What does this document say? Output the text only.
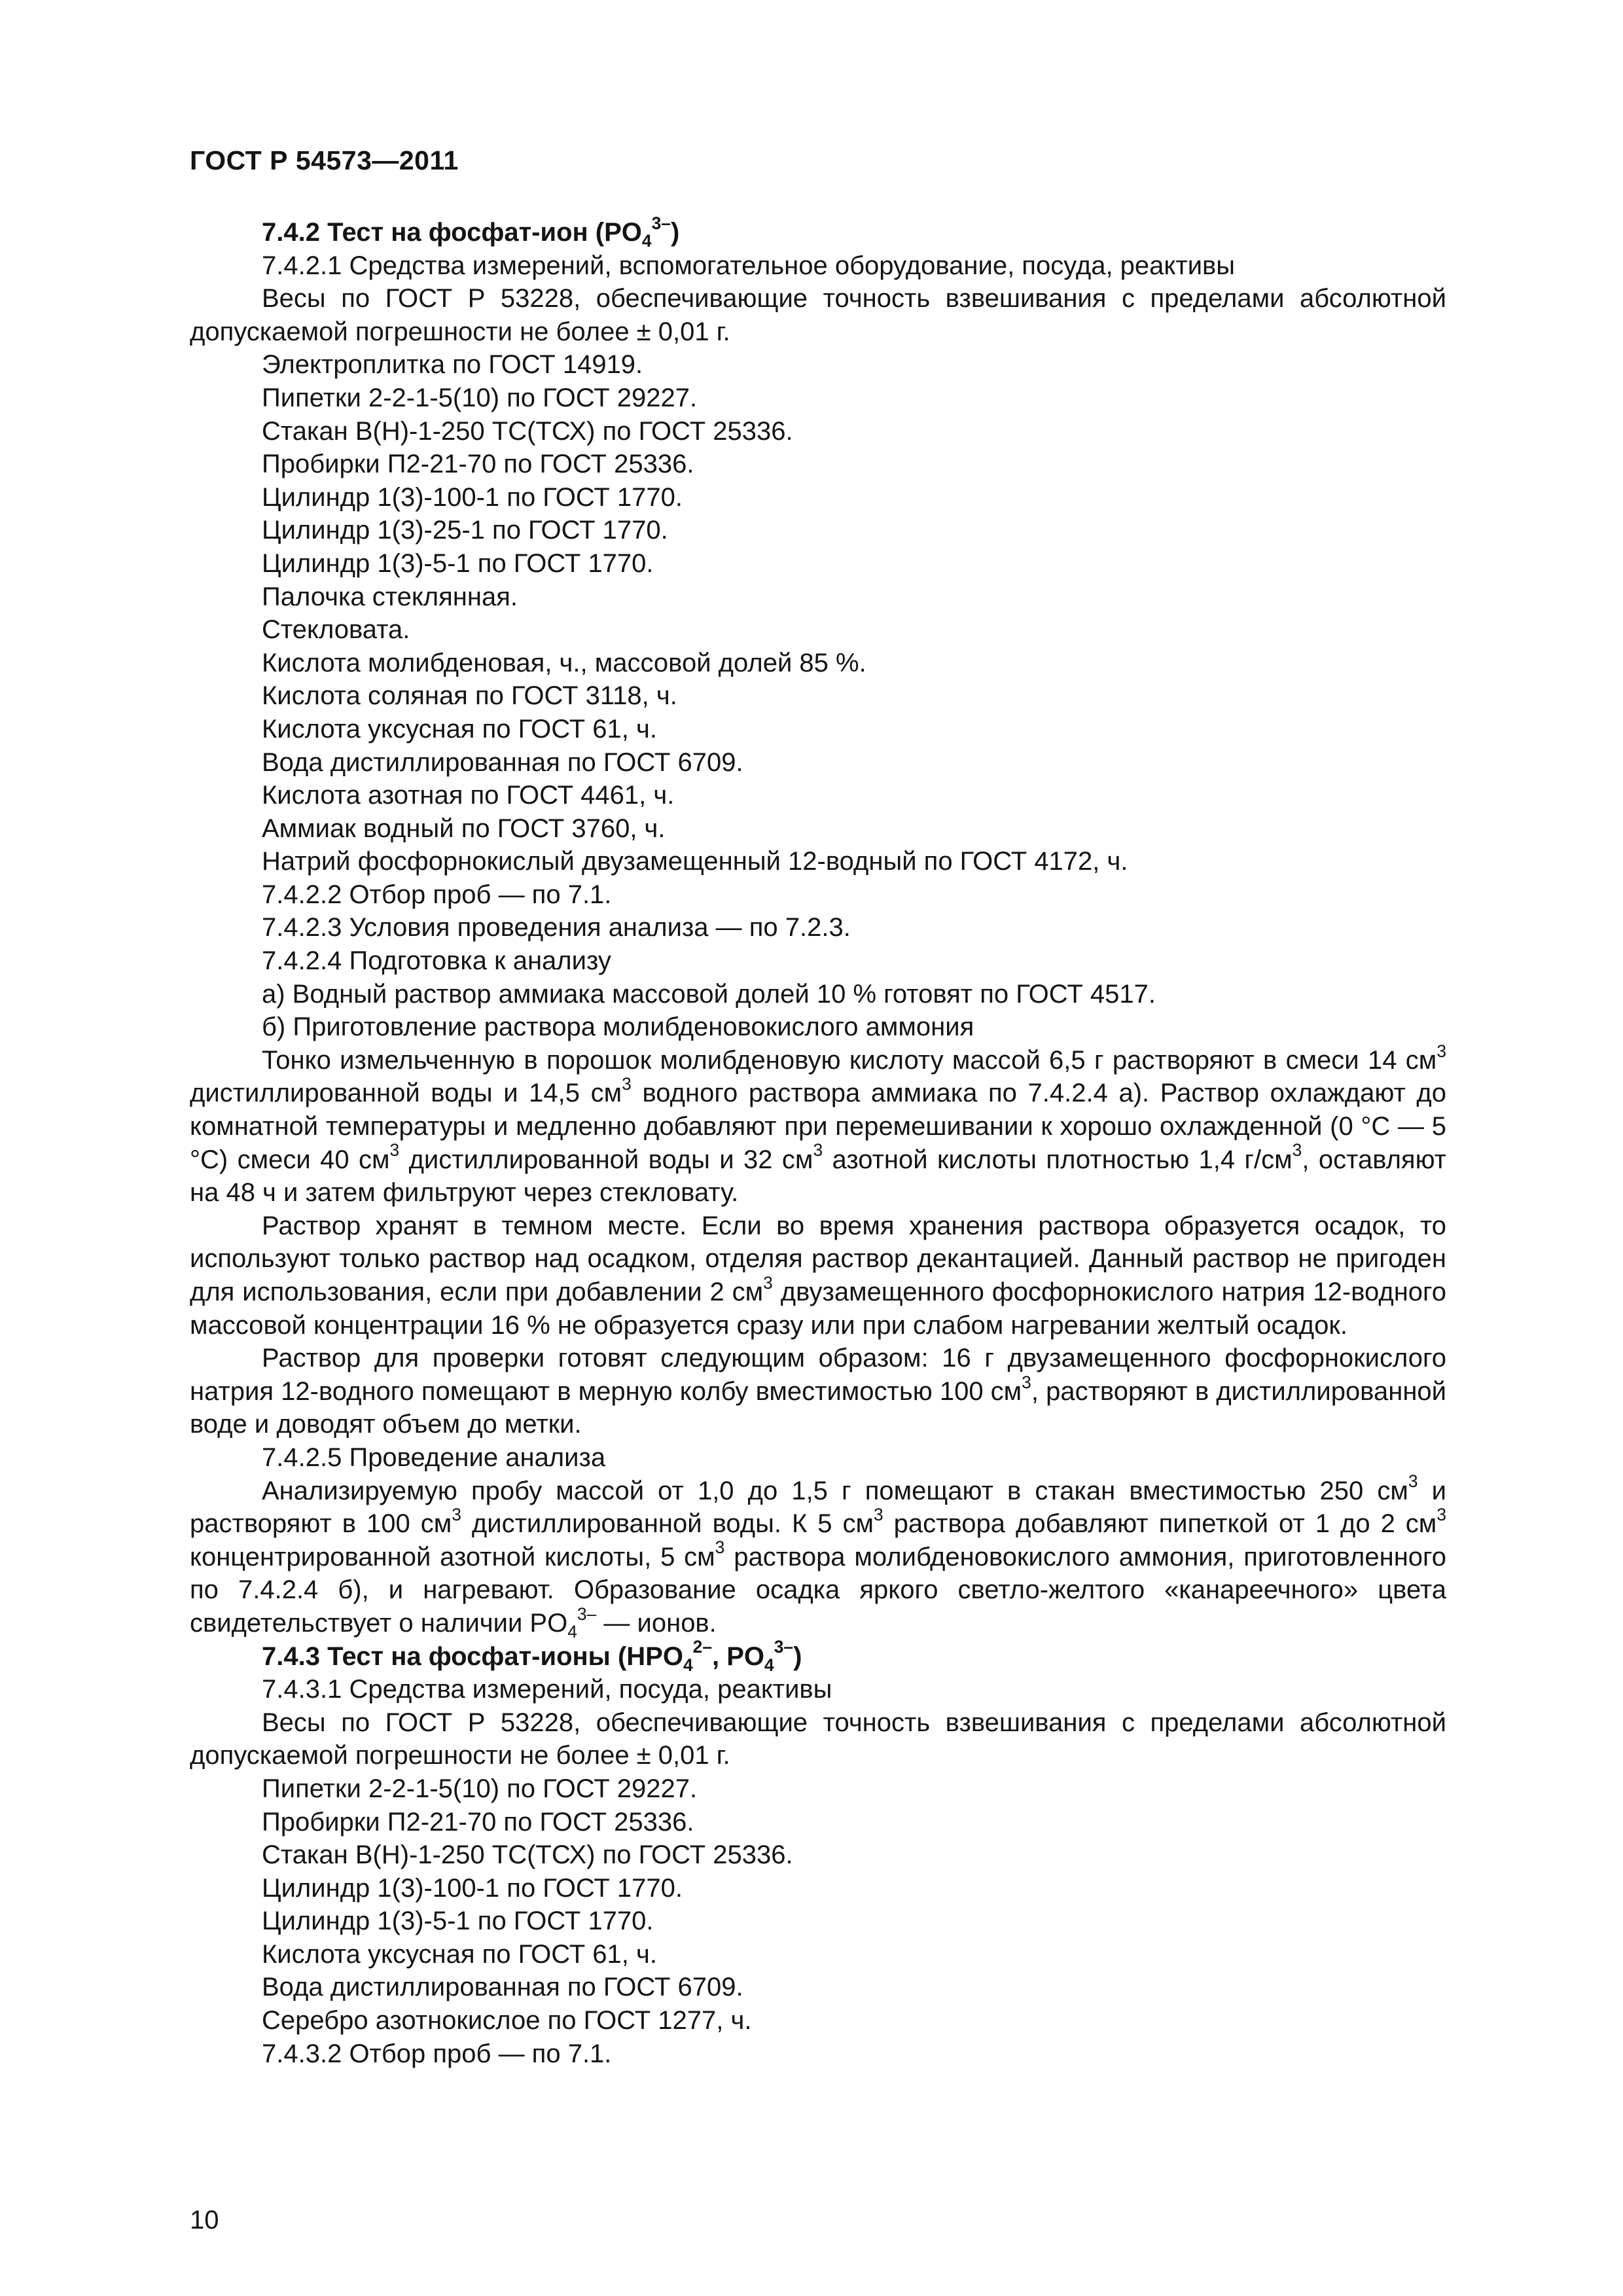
ГОСТ Р 54573—2011

7.4.2 Тест на фосфат-ион $(PO_4^{3-})$

7.4.2.1 Средства измерений, вспомогательное оборудование, посуда, реактивы

Весы по ГОСТ Р 53228, обеспечивающие точность взвешивания с пределами абсолютной допускаемой погрешности не более ± 0,01 г.

Электроплитка по ГОСТ 14919.

Пипетки 2-2-1-5(10) по ГОСТ 29227.

Стакан В(Н)-1-250 ТС(ТСХ) по ГОСТ 25336.

Пробирки П2-21-70 по ГОСТ 25336.

Цилиндр 1(3)-100-1 по ГОСТ 1770.

Цилиндр 1(3)-25-1 по ГОСТ 1770.

Цилиндр 1(3)-5-1 по ГОСТ 1770.

Палочка стеклянная.

Стекловата.

Кислота молибденовая, ч., массовой долей 85 %.

Кислота соляная по ГОСТ 3118, ч.

Кислота уксусная по ГОСТ 61, ч.

Вода дистиллированная по ГОСТ 6709.

Кислота азотная по ГОСТ 4461, ч.

Аммиак водный по ГОСТ 3760, ч.

Натрий фосфорнокислый двузамещенный 12-водный по ГОСТ 4172, ч.

7.4.2.2 Отбор проб — по 7.1.

7.4.2.3 Условия проведения анализа — по 7.2.3.

7.4.2.4 Подготовка к анализу

а) Водный раствор аммиака массовой долей 10 % готовят по ГОСТ 4517.

б) Приготовление раствора молибденовокислого аммония

Тонко измельченную в порошок молибденовую кислоту массой 6,5 г растворяют в смеси 14 $см^3$ дистиллированной воды и 14,5 $см^3$ водного раствора аммиака по 7.4.2.4 а). Раствор охлаждают до комнатной температуры и медленно добавляют при перемешивании к хорошо охлажденной (0 °С — 5 °С) смеси 40 $см^3$ дистиллированной воды и 32 $см^3$ азотной кислоты плотностью 1,4 $г/см^3$, оставляют на 48 ч и затем фильтруют через стекловату.

Раствор хранят в темном месте. Если во время хранения раствора образуется осадок, то используют только раствор над осадком, отделяя раствор декантацией. Данный раствор не пригоден для использования, если при добавлении 2 $см^3$ двузамещенного фосфорнокислого натрия 12-водного массовой концентрации 16 % не образуется сразу или при слабом нагревании желтый осадок.

Раствор для проверки готовят следующим образом: 16 г двузамещенного фосфорнокислого натрия 12-водного помещают в мерную колбу вместимостью 100 $см^3$, растворяют в дистиллированной воде и доводят объем до метки.

7.4.2.5 Проведение анализа

Анализируемую пробу массой от 1,0 до 1,5 г помещают в стакан вместимостью 250 $см^3$ и растворяют в 100 $см^3$ дистиллированной воды. К 5 $см^3$ раствора добавляют пипеткой от 1 до 2 $см^3$ концентрированной азотной кислоты, 5 $см^3$ раствора молибденовокислого аммония, приготовленного по 7.4.2.4 б), и нагревают. Образование осадка яркого светло-желтого «канареечного» цвета свидетельствует о наличии $PO_4^{3-}$ — ионов.

7.4.3 Тест на фосфат-ионы ($HPO_4^{2-}$, $PO_4^{3-}$)

7.4.3.1 Средства измерений, посуда, реактивы

Весы по ГОСТ Р 53228, обеспечивающие точность взвешивания с пределами абсолютной допускаемой погрешности не более ± 0,01 г.

Пипетки 2-2-1-5(10) по ГОСТ 29227.

Пробирки П2-21-70 по ГОСТ 25336.

Стакан В(Н)-1-250 ТС(ТСХ) по ГОСТ 25336.

Цилиндр 1(3)-100-1 по ГОСТ 1770.

Цилиндр 1(3)-5-1 по ГОСТ 1770.

Кислота уксусная по ГОСТ 61, ч.

Вода дистиллированная по ГОСТ 6709.

Серебро азотнокислое по ГОСТ 1277, ч.

7.4.3.2 Отбор проб — по 7.1.

10
